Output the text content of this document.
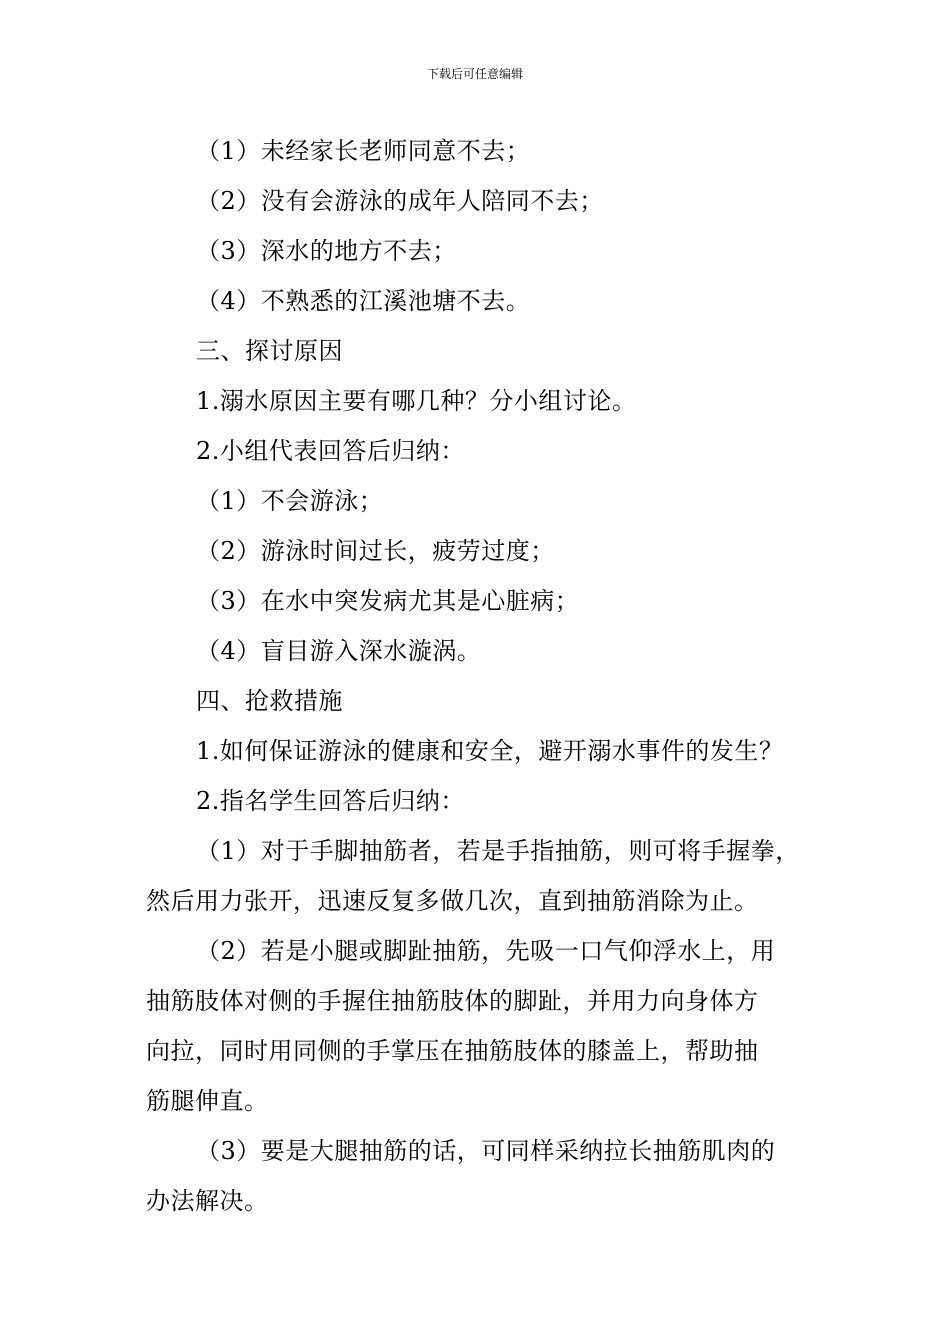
下载后可任意编辑
（1）未经家长老师同意不去；
（2）没有会游泳的成年人陪同不去；
（3）深水的地方不去；
（4）不熟悉的江溪池塘不去。
三、探讨原因
1.溺水原因主要有哪几种？分小组讨论。
2.小组代表回答后归纳：
（1）不会游泳；
（2）游泳时间过长，疲劳过度；
（3）在水中突发病尤其是心脏病；
（4）盲目游入深水漩涡。
四、抢救措施
1.如何保证游泳的健康和安全，避开溺水事件的发生？
2.指名学生回答后归纳：
（1）对于手脚抽筋者，若是手指抽筋，则可将手握拳，
然后用力张开，迅速反复多做几次，直到抽筋消除为止。
（2）若是小腿或脚趾抽筋，先吸一口气仰浮水上，用
抽筋肢体对侧的手握住抽筋肢体的脚趾，并用力向身体方
向拉，同时用同侧的手掌压在抽筋肢体的膝盖上，帮助抽
筋腿伸直。
（3）要是大腿抽筋的话，可同样采纳拉长抽筋肌肉的
办法解决。
